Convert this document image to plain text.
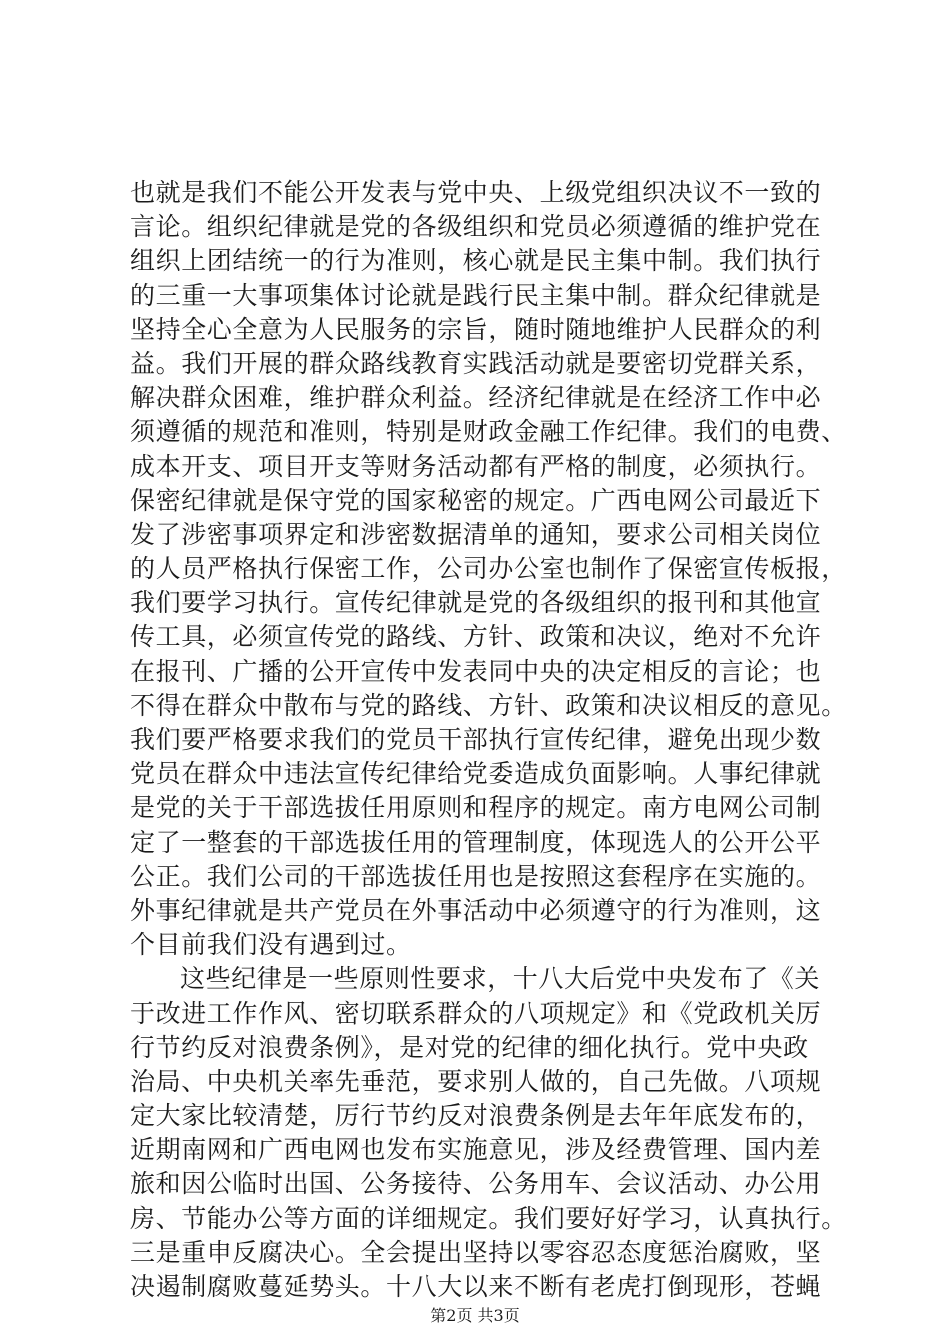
也就是我们不能公开发表与党中央、上级党组织决议不一致的
言论。组织纪律就是党的各级组织和党员必须遵循的维护党在
组织上团结统一的行为准则，核心就是民主集中制。我们执行
的三重一大事项集体讨论就是践行民主集中制。群众纪律就是
坚持全心全意为人民服务的宗旨，随时随地维护人民群众的利
益。我们开展的群众路线教育实践活动就是要密切党群关系，
解决群众困难，维护群众利益。经济纪律就是在经济工作中必
须遵循的规范和准则，特别是财政金融工作纪律。我们的电费、
成本开支、项目开支等财务活动都有严格的制度，必须执行。
保密纪律就是保守党的国家秘密的规定。广西电网公司最近下
发了涉密事项界定和涉密数据清单的通知，要求公司相关岗位
的人员严格执行保密工作，公司办公室也制作了保密宣传板报，
我们要学习执行。宣传纪律就是党的各级组织的报刊和其他宣
传工具，必须宣传党的路线、方针、政策和决议，绝对不允许
在报刊、广播的公开宣传中发表同中央的决定相反的言论；也
不得在群众中散布与党的路线、方针、政策和决议相反的意见。
我们要严格要求我们的党员干部执行宣传纪律，避免出现少数
党员在群众中违法宣传纪律给党委造成负面影响。人事纪律就
是党的关于干部选拔任用原则和程序的规定。南方电网公司制
定了一整套的干部选拔任用的管理制度，体现选人的公开公平
公正。我们公司的干部选拔任用也是按照这套程序在实施的。
外事纪律就是共产党员在外事活动中必须遵守的行为准则，这
个目前我们没有遇到过。
这些纪律是一些原则性要求，十八大后党中央发布了《关
于改进工作作风、密切联系群众的八项规定》和《党政机关厉
行节约反对浪费条例》，是对党的纪律的细化执行。党中央政
治局、中央机关率先垂范，要求别人做的，自己先做。八项规
定大家比较清楚，厉行节约反对浪费条例是去年年底发布的，
近期南网和广西电网也发布实施意见，涉及经费管理、国内差
旅和因公临时出国、公务接待、公务用车、会议活动、办公用
房、节能办公等方面的详细规定。我们要好好学习，认真执行。
三是重申反腐决心。全会提出坚持以零容忍态度惩治腐败，坚
决遏制腐败蔓延势头。十八大以来不断有老虎打倒现形，苍蝇
第2页 共3页
